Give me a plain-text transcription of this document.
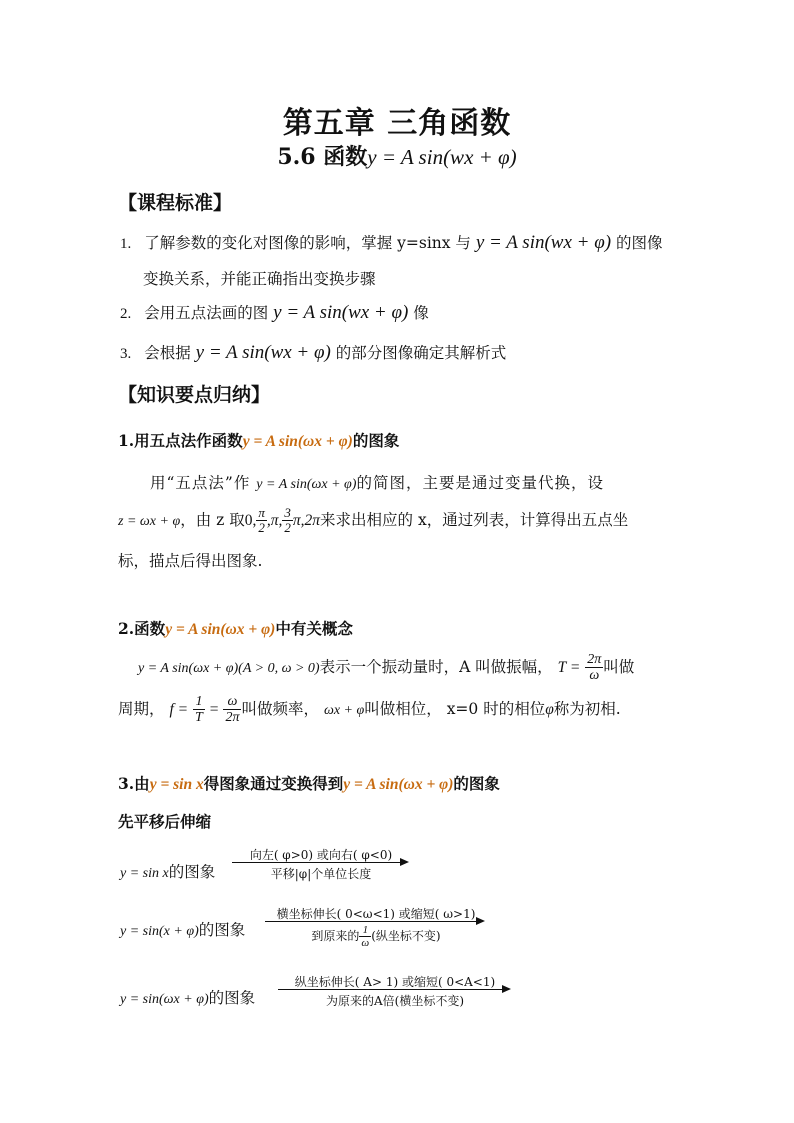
第五章 三角函数
5.6 函数y = A sin(wx + φ)
【课程标准】
1. 了解参数的变化对图像的影响，掌握 y=sinx 与 y = A sin(wx + φ) 的图像
变换关系，并能正确指出变换步骤
2. 会用五点法画的图 y = A sin(wx + φ) 像
3. 会根据 y = A sin(wx + φ) 的部分图像确定其解析式
【知识要点归纳】
1.用五点法作函数y = A sin(ωx + φ)的图象
用“五点法”作 y = A sin(ωx + φ)的简图，主要是通过变量代换，设
z = ωx + φ，由 z 取0, $\frac{\pi}{2} ,\pi$, $\frac{3}{2} \pi,2\pi$来求出相应的 x，通过列表，计算得出五点坐
标，描点后得出图象.
2.函数y = A sin(ωx + φ)中有关概念
y = A sin(ωx + φ)(A > 0, ω > 0)表示一个振动量时，A 叫做振幅， $T = \frac{2\pi}{\omega}$ 叫做
周期， $f = \frac{1}{T} = \frac{\omega}{2\pi}$ 叫做频率， ωx + φ叫做相位， x=0 时的相位φ称为初相.
3.由y = sin x得图象通过变换得到y = A sin(ωx + φ)的图象
先平移后伸缩
y = sin x的图象
向左( φ>0) 或向右( φ<0)
平移|φ|个单位长度
y = sin(x + φ)的图象
横坐标伸长( 0<ω<1) 或缩短( ω>1)
到原来的 $\frac{1}{\omega}$ (纵坐标不变)
y = sin(ωx + φ)的图象
纵坐标伸长( A> 1) 或缩短( 0<A<1)
为原来的A倍(横坐标不变)
